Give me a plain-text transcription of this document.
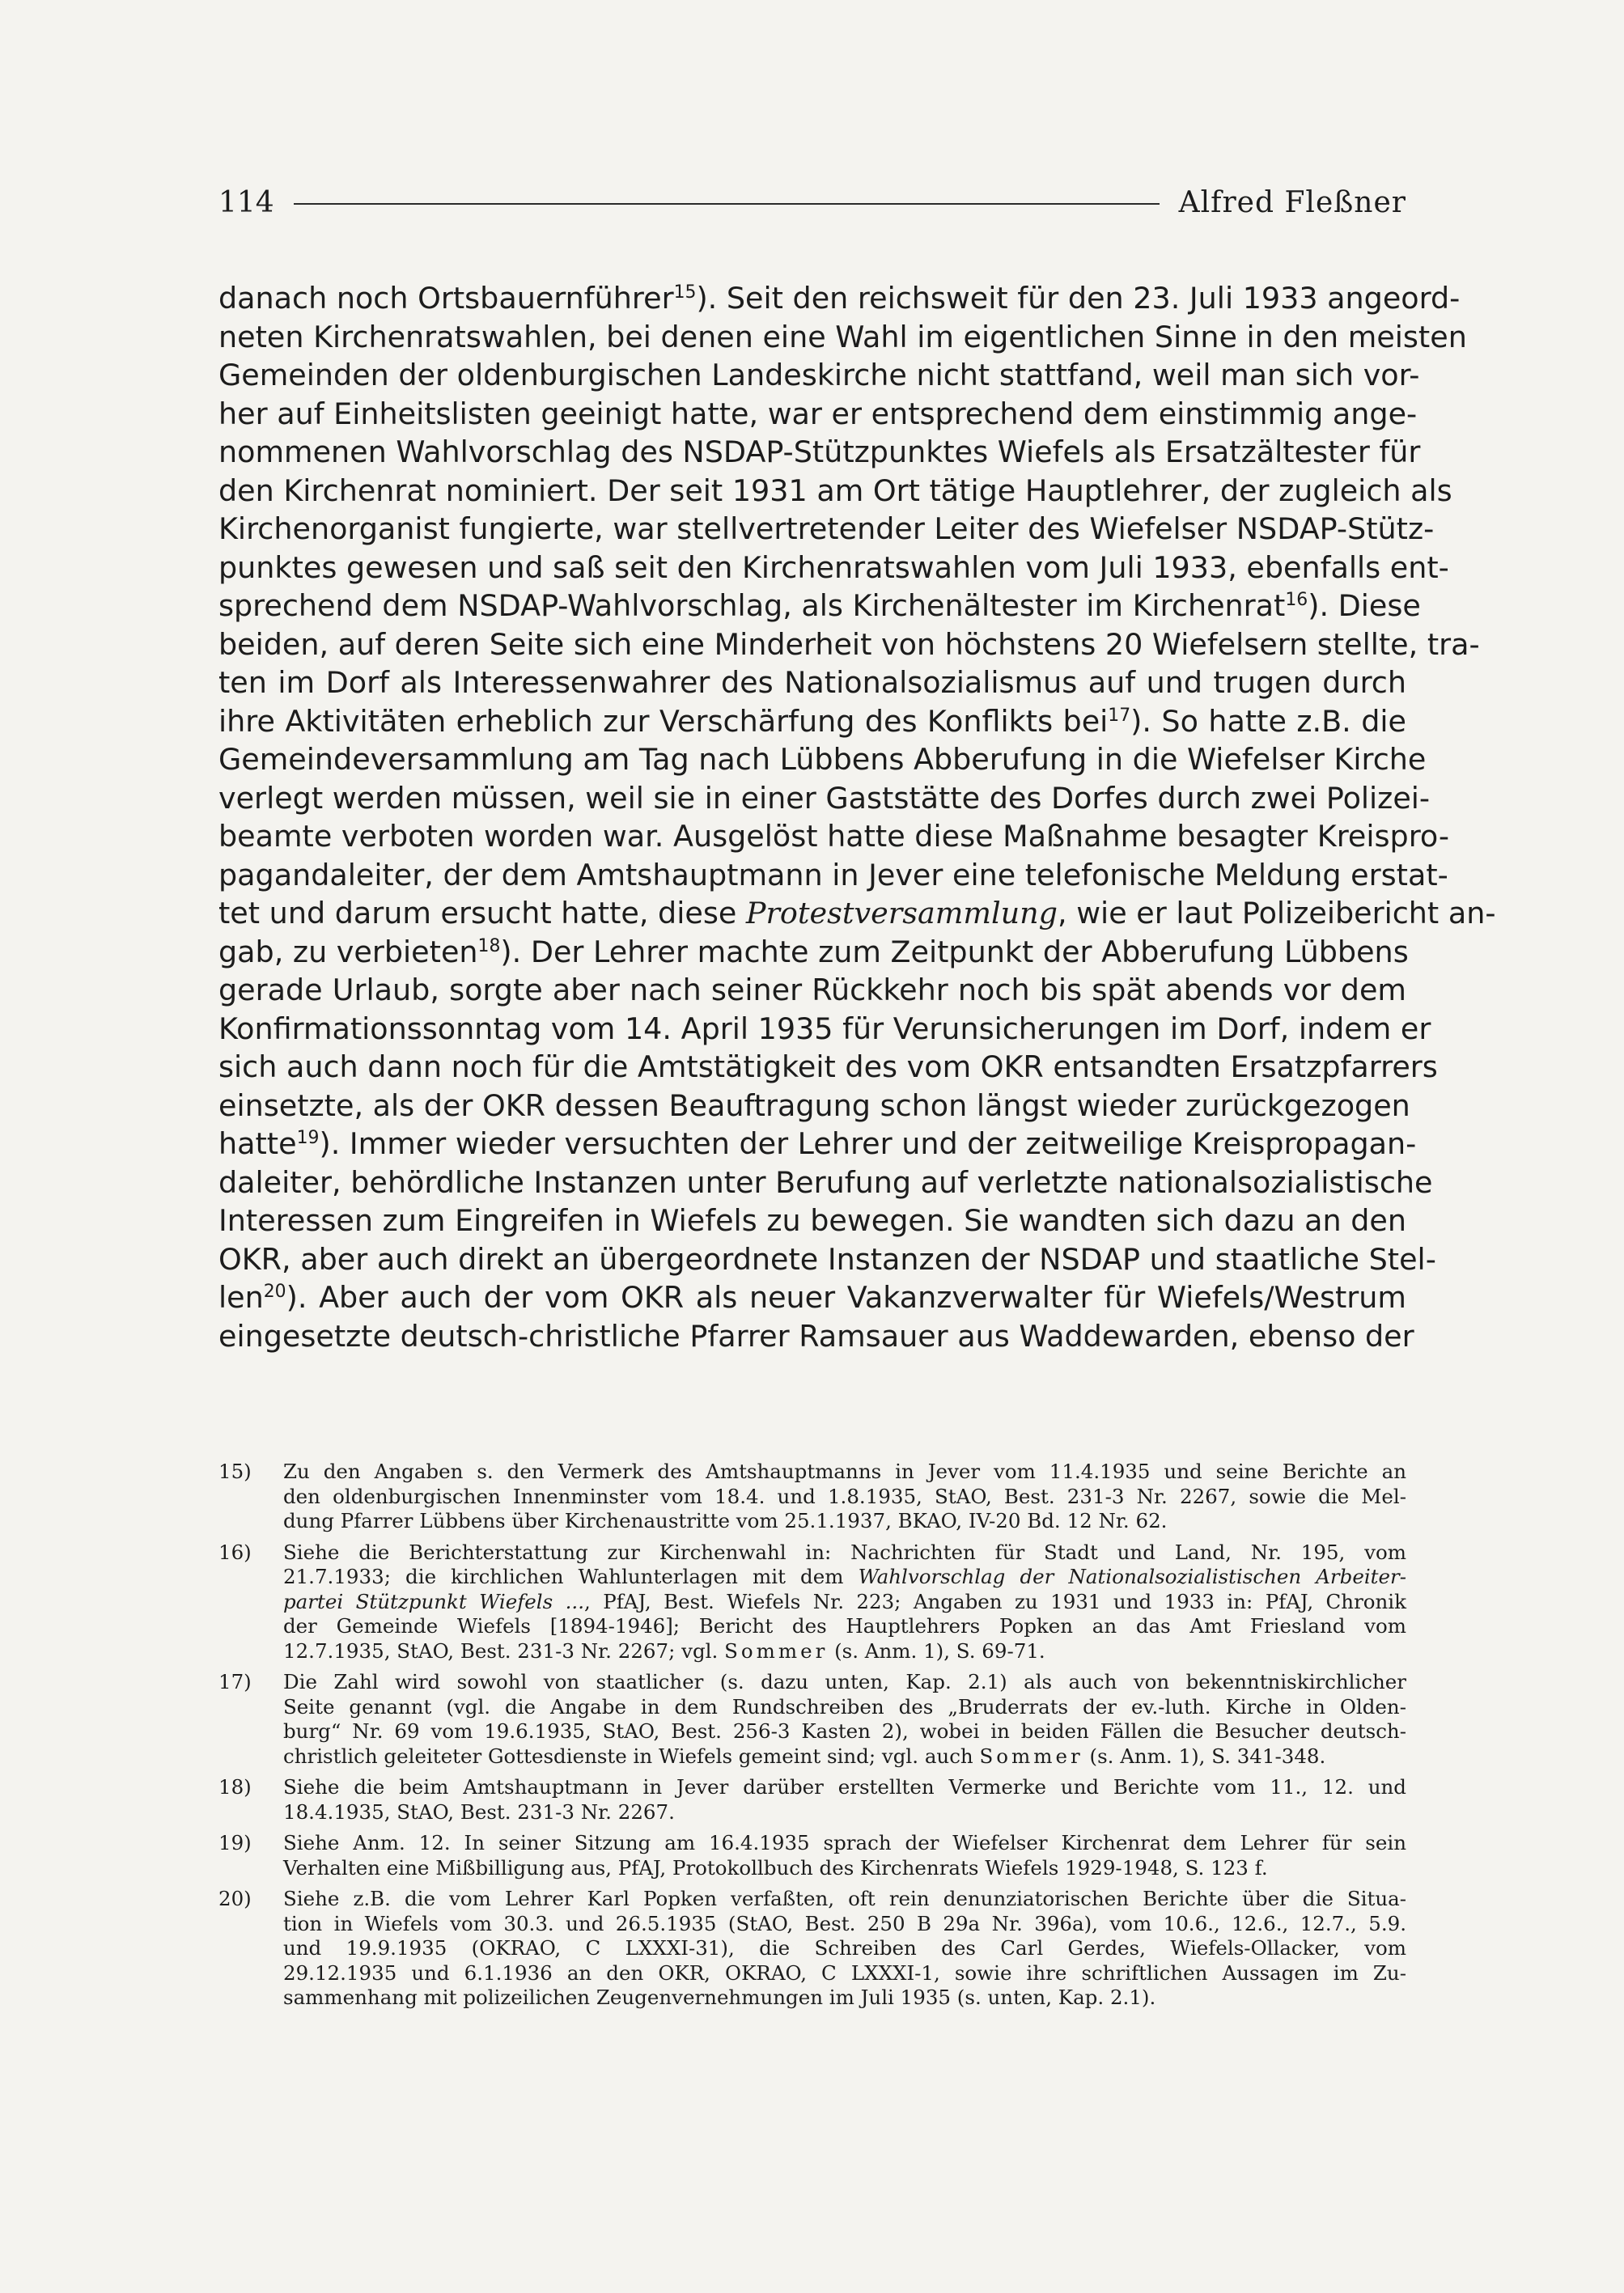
114	Alfred Fleßner
danach noch Ortsbauernführer$^{15}$). Seit den reichsweit für den 23. Juli 1933 angeord-
neten Kirchenratswahlen, bei denen eine Wahl im eigentlichen Sinne in den meisten
Gemeinden der oldenburgischen Landeskirche nicht stattfand, weil man sich vor-
her auf Einheitslisten geeinigt hatte, war er entsprechend dem einstimmig ange-
nommenen Wahlvorschlag des NSDAP-Stützpunktes Wiefels als Ersatzältester für
den Kirchenrat nominiert. Der seit 1931 am Ort tätige Hauptlehrer, der zugleich als
Kirchenorganist fungierte, war stellvertretender Leiter des Wiefelser NSDAP-Stütz-
punktes gewesen und saß seit den Kirchenratswahlen vom Juli 1933, ebenfalls ent-
sprechend dem NSDAP-Wahlvorschlag, als Kirchenältester im Kirchenrat$^{16}$). Diese
beiden, auf deren Seite sich eine Minderheit von höchstens 20 Wiefelsern stellte, tra-
ten im Dorf als Interessenwahrer des Nationalsozialismus auf und trugen durch
ihre Aktivitäten erheblich zur Verschärfung des Konflikts bei$^{17}$). So hatte z.B. die
Gemeindeversammlung am Tag nach Lübbens Abberufung in die Wiefelser Kirche
verlegt werden müssen, weil sie in einer Gaststätte des Dorfes durch zwei Polizei-
beamte verboten worden war. Ausgelöst hatte diese Maßnahme besagter Kreispro-
pagandaleiter, der dem Amtshauptmann in Jever eine telefonische Meldung erstat-
tet und darum ersucht hatte, diese Protestversammlung, wie er laut Polizeibericht an-
gab, zu verbieten$^{18}$). Der Lehrer machte zum Zeitpunkt der Abberufung Lübbens
gerade Urlaub, sorgte aber nach seiner Rückkehr noch bis spät abends vor dem
Konfirmationssonntag vom 14. April 1935 für Verunsicherungen im Dorf, indem er
sich auch dann noch für die Amtstätigkeit des vom OKR entsandten Ersatzpfarrers
einsetzte, als der OKR dessen Beauftragung schon längst wieder zurückgezogen
hatte$^{19}$). Immer wieder versuchten der Lehrer und der zeitweilige Kreispropagan-
daleiter, behördliche Instanzen unter Berufung auf verletzte nationalsozialistische
Interessen zum Eingreifen in Wiefels zu bewegen. Sie wandten sich dazu an den
OKR, aber auch direkt an übergeordnete Instanzen der NSDAP und staatliche Stel-
len$^{20}$). Aber auch der vom OKR als neuer Vakanzverwalter für Wiefels/Westrum
eingesetzte deutsch-christliche Pfarrer Ramsauer aus Waddewarden, ebenso der
15)	Zu den Angaben s. den Vermerk des Amtshauptmanns in Jever vom 11.4.1935 und seine Berichte an
den oldenburgischen Innenminster vom 18.4. und 1.8.1935, StAO, Best. 231-3 Nr. 2267, sowie die Mel-
dung Pfarrer Lübbens über Kirchenaustritte vom 25.1.1937, BKAO, IV-20 Bd. 12 Nr. 62.
16)	Siehe die Berichterstattung zur Kirchenwahl in: Nachrichten für Stadt und Land, Nr. 195, vom
21.7.1933; die kirchlichen Wahlunterlagen mit dem Wahlvorschlag der Nationalsozialistischen Arbeiter-
partei Stützpunkt Wiefels ..., PfAJ, Best. Wiefels Nr. 223; Angaben zu 1931 und 1933 in: PfAJ, Chronik
der Gemeinde Wiefels [1894-1946]; Bericht des Hauptlehrers Popken an das Amt Friesland vom
12.7.1935, StAO, Best. 231-3 Nr. 2267; vgl. Sommer (s. Anm. 1), S. 69-71.
17)	Die Zahl wird sowohl von staatlicher (s. dazu unten, Kap. 2.1) als auch von bekenntniskirchlicher
Seite genannt (vgl. die Angabe in dem Rundschreiben des „Bruderrats der ev.-luth. Kirche in Olden-
burg“ Nr. 69 vom 19.6.1935, StAO, Best. 256-3 Kasten 2), wobei in beiden Fällen die Besucher deutsch-
christlich geleiteter Gottesdienste in Wiefels gemeint sind; vgl. auch Sommer (s. Anm. 1), S. 341-348.
18)	Siehe die beim Amtshauptmann in Jever darüber erstellten Vermerke und Berichte vom 11., 12. und
18.4.1935, StAO, Best. 231-3 Nr. 2267.
19)	Siehe Anm. 12. In seiner Sitzung am 16.4.1935 sprach der Wiefelser Kirchenrat dem Lehrer für sein
Verhalten eine Mißbilligung aus, PfAJ, Protokollbuch des Kirchenrats Wiefels 1929-1948, S. 123 f.
20)	Siehe z.B. die vom Lehrer Karl Popken verfaßten, oft rein denunziatorischen Berichte über die Situa-
tion in Wiefels vom 30.3. und 26.5.1935 (StAO, Best. 250 B 29a Nr. 396a), vom 10.6., 12.6., 12.7., 5.9.
und 19.9.1935 (OKRAO, C LXXXI-31), die Schreiben des Carl Gerdes, Wiefels-Ollacker, vom
29.12.1935 und 6.1.1936 an den OKR, OKRAO, C LXXXI-1, sowie ihre schriftlichen Aussagen im Zu-
sammenhang mit polizeilichen Zeugenvernehmungen im Juli 1935 (s. unten, Kap. 2.1).
